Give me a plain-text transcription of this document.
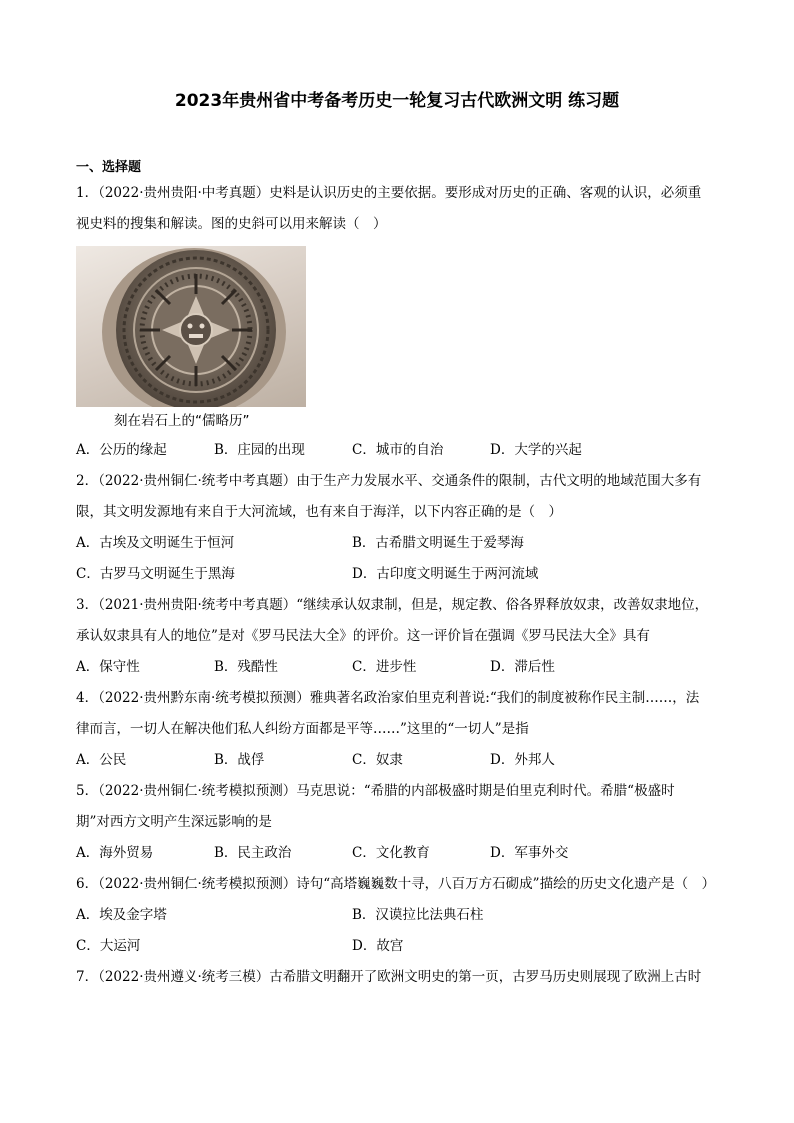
2023年贵州省中考备考历史一轮复习古代欧洲文明 练习题
一、选择题
1．（2022·贵州贵阳·中考真题）史料是认识历史的主要依据。要形成对历史的正确、客观的认识，必须重
视史料的搜集和解读。图的史斜可以用来解读（　）
刻在岩石上的“儒略历”
A．公历的缘起	B．庄园的出现	C．城市的自治	D．大学的兴起
2．（2022·贵州铜仁·统考中考真题）由于生产力发展水平、交通条件的限制，古代文明的地域范围大多有
限，其文明发源地有来自于大河流域，也有来自于海洋，以下内容正确的是（　）
A．古埃及文明诞生于恒河	B．古希腊文明诞生于爱琴海
C．古罗马文明诞生于黑海	D．古印度文明诞生于两河流域
3．（2021·贵州贵阳·统考中考真题）“继续承认奴隶制，但是，规定教、俗各界释放奴隶，改善奴隶地位，
承认奴隶具有人的地位”是对《罗马民法大全》的评价。这一评价旨在强调《罗马民法大全》具有
A．保守性	B．残酷性	C．进步性	D．滞后性
4．（2022·贵州黔东南·统考模拟预测）雅典著名政治家伯里克利普说:“我们的制度被称作民主制……，法
律而言，一切人在解决他们私人纠纷方面都是平等……”这里的“一切人”是指
A．公民	B．战俘	C．奴隶	D．外邦人
5．（2022·贵州铜仁·统考模拟预测）马克思说：“希腊的内部极盛时期是伯里克利时代。希腊“极盛时
期”对西方文明产生深远影响的是
A．海外贸易	B．民主政治	C．文化教育	D．军事外交
6．（2022·贵州铜仁·统考模拟预测）诗句“高塔巍巍数十寻，八百万方石砌成”描绘的历史文化遗产是（　）
A．埃及金字塔	B．汉谟拉比法典石柱
C．大运河	D．故宫
7．（2022·贵州遵义·统考三模）古希腊文明翻开了欧洲文明史的第一页，古罗马历史则展现了欧洲上古时
